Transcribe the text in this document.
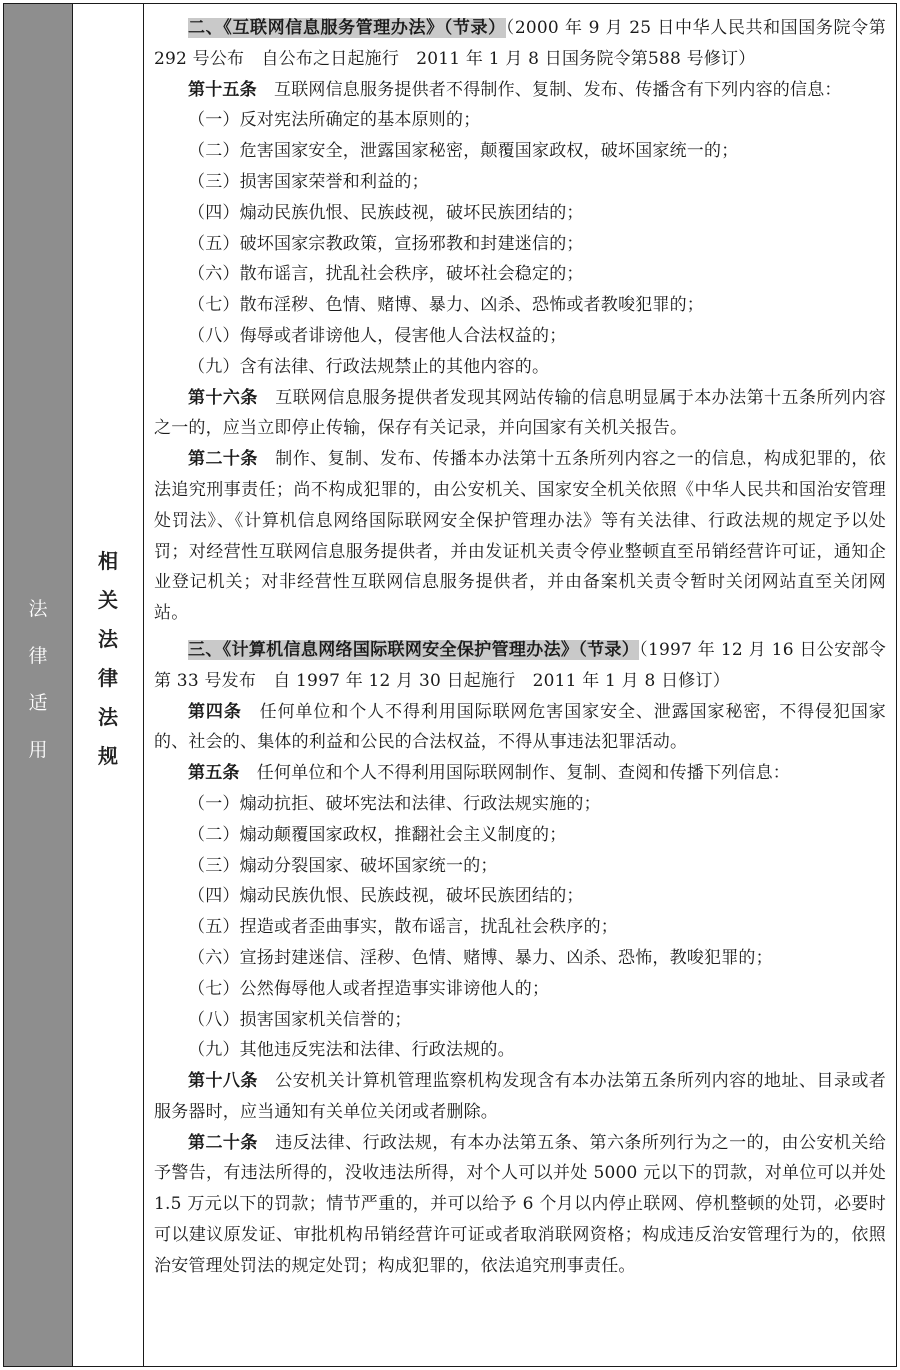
法律适用
相关法律法规

二、《互联网信息服务管理办法》（节录）（2000 年 9 月 25 日中华人民共和国国务院令第 292 号公布　自公布之日起施行　2011 年 1 月 8 日国务院令第588 号修订）

第十五条　互联网信息服务提供者不得制作、复制、发布、传播含有下列内容的信息：

（一）反对宪法所确定的基本原则的；

（二）危害国家安全，泄露国家秘密，颠覆国家政权，破坏国家统一的；

（三）损害国家荣誉和利益的；

（四）煽动民族仇恨、民族歧视，破坏民族团结的；

（五）破坏国家宗教政策，宣扬邪教和封建迷信的；

（六）散布谣言，扰乱社会秩序，破坏社会稳定的；

（七）散布淫秽、色情、赌博、暴力、凶杀、恐怖或者教唆犯罪的；

（八）侮辱或者诽谤他人，侵害他人合法权益的；

（九）含有法律、行政法规禁止的其他内容的。

第十六条　互联网信息服务提供者发现其网站传输的信息明显属于本办法第十五条所列内容之一的，应当立即停止传输，保存有关记录，并向国家有关机关报告。

第二十条　制作、复制、发布、传播本办法第十五条所列内容之一的信息，构成犯罪的，依法追究刑事责任；尚不构成犯罪的，由公安机关、国家安全机关依照《中华人民共和国治安管理处罚法》、《计算机信息网络国际联网安全保护管理办法》等有关法律、行政法规的规定予以处罚；对经营性互联网信息服务提供者，并由发证机关责令停业整顿直至吊销经营许可证，通知企业登记机关；对非经营性互联网信息服务提供者，并由备案机关责令暂时关闭网站直至关闭网站。

三、《计算机信息网络国际联网安全保护管理办法》（节录）（1997 年 12 月 16 日公安部令第 33 号发布　自 1997 年 12 月 30 日起施行　2011 年 1 月 8 日修订）

第四条　任何单位和个人不得利用国际联网危害国家安全、泄露国家秘密，不得侵犯国家的、社会的、集体的利益和公民的合法权益，不得从事违法犯罪活动。

第五条　任何单位和个人不得利用国际联网制作、复制、查阅和传播下列信息：

（一）煽动抗拒、破坏宪法和法律、行政法规实施的；

（二）煽动颠覆国家政权，推翻社会主义制度的；

（三）煽动分裂国家、破坏国家统一的；

（四）煽动民族仇恨、民族歧视，破坏民族团结的；

（五）捏造或者歪曲事实，散布谣言，扰乱社会秩序的；

（六）宣扬封建迷信、淫秽、色情、赌博、暴力、凶杀、恐怖，教唆犯罪的；

（七）公然侮辱他人或者捏造事实诽谤他人的；

（八）损害国家机关信誉的；

（九）其他违反宪法和法律、行政法规的。

第十八条　公安机关计算机管理监察机构发现含有本办法第五条所列内容的地址、目录或者服务器时，应当通知有关单位关闭或者删除。

第二十条　违反法律、行政法规，有本办法第五条、第六条所列行为之一的，由公安机关给予警告，有违法所得的，没收违法所得，对个人可以并处 5000 元以下的罚款，对单位可以并处 1.5 万元以下的罚款；情节严重的，并可以给予 6 个月以内停止联网、停机整顿的处罚，必要时可以建议原发证、审批机构吊销经营许可证或者取消联网资格；构成违反治安管理行为的，依照治安管理处罚法的规定处罚；构成犯罪的，依法追究刑事责任。
